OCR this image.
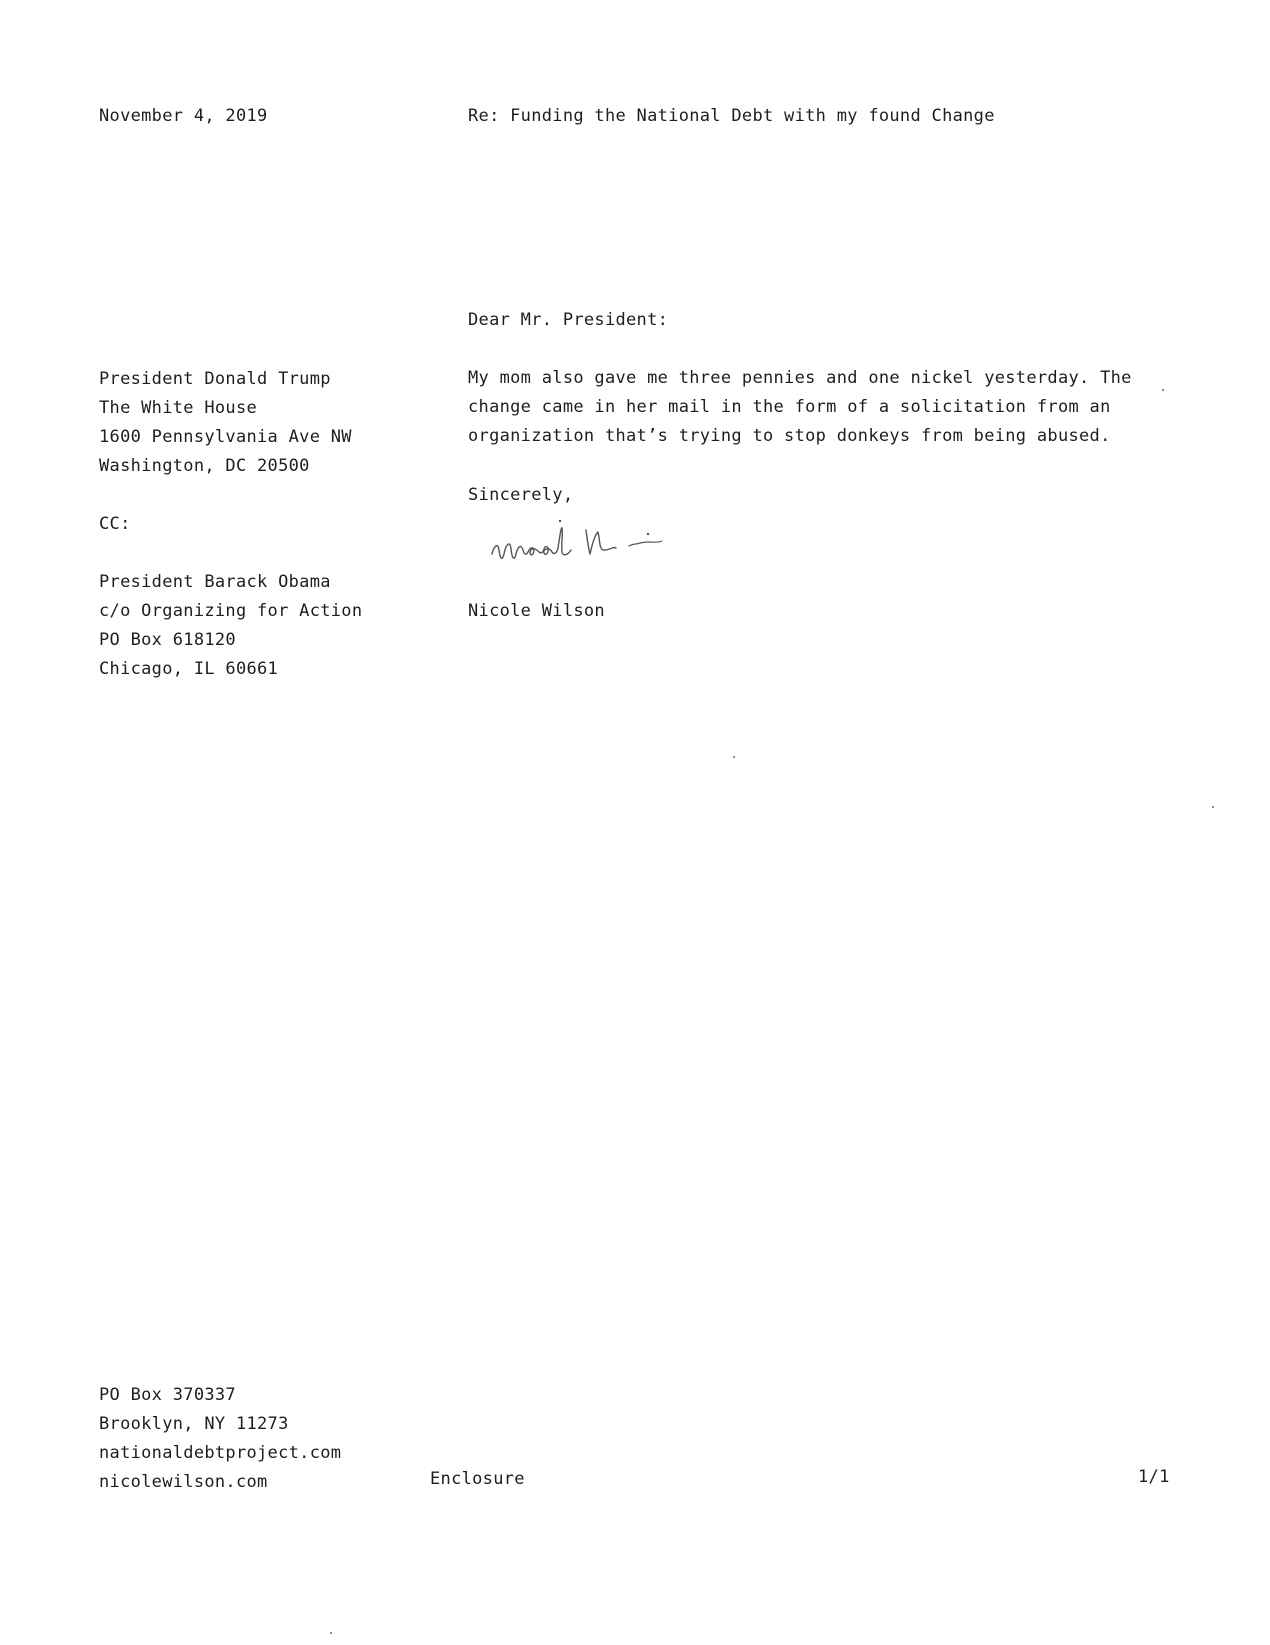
November 4, 2019	Re: Funding the National Debt with my found Change
Dear Mr. President:
President Donald Trump
The White House
1600 Pennsylvania Ave NW
Washington, DC 20500
CC:
President Barack Obama
c/o Organizing for Action
PO Box 618120
Chicago, IL 60661
My mom also gave me three pennies and one nickel yesterday. The
change came in her mail in the form of a solicitation from an
organization that’s trying to stop donkeys from being abused.
Sincerely,
Nicole Wilson
PO Box 370337
Brooklyn, NY 11273
nationaldebtproject.com
nicolewilson.com	Enclosure	1/1
